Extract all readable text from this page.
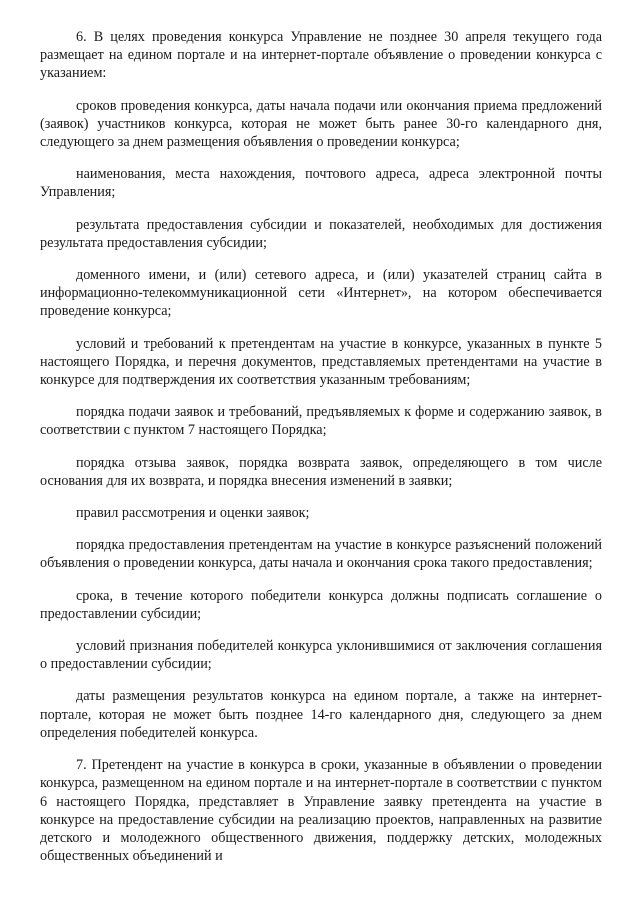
6. В целях проведения конкурса Управление не позднее 30 апреля текущего года размещает на едином портале и на интернет-портале объявление о проведении конкурса с указанием:

сроков проведения конкурса, даты начала подачи или окончания приема предложений (заявок) участников конкурса, которая не может быть ранее 30-го календарного дня, следующего за днем размещения объявления о проведении конкурса;

наименования, места нахождения, почтового адреса, адреса электронной почты Управления;

результата предоставления субсидии и показателей, необходимых для достижения результата предоставления субсидии;

доменного имени, и (или) сетевого адреса, и (или) указателей страниц сайта в информационно-телекоммуникационной сети «Интернет», на котором обеспечивается проведение конкурса;

условий и требований к претендентам на участие в конкурсе, указанных в пункте 5 настоящего Порядка, и перечня документов, представляемых претендентами на участие в конкурсе для подтверждения их соответствия указанным требованиям;

порядка подачи заявок и требований, предъявляемых к форме и содержанию заявок, в соответствии с пунктом 7 настоящего Порядка;

порядка отзыва заявок, порядка возврата заявок, определяющего в том числе основания для их возврата, и порядка внесения изменений в заявки;

правил рассмотрения и оценки заявок;

порядка предоставления претендентам на участие в конкурсе разъяснений положений объявления о проведении конкурса, даты начала и окончания срока такого предоставления;

срока, в течение которого победители конкурса должны подписать соглашение о предоставлении субсидии;

условий признания победителей конкурса уклонившимися от заключения соглашения о предоставлении субсидии;

даты размещения результатов конкурса на едином портале, а также на интернет-портале, которая не может быть позднее 14-го календарного дня, следующего за днем определения победителей конкурса.

7. Претендент на участие в конкурса в сроки, указанные в объявлении о проведении конкурса, размещенном на едином портале и на интернет-портале в соответствии с пунктом 6 настоящего Порядка, представляет в Управление заявку претендента на участие в конкурсе на предоставление субсидии на реализацию проектов, направленных на развитие детского и молодежного общественного движения, поддержку детских, молодежных общественных объединений и
